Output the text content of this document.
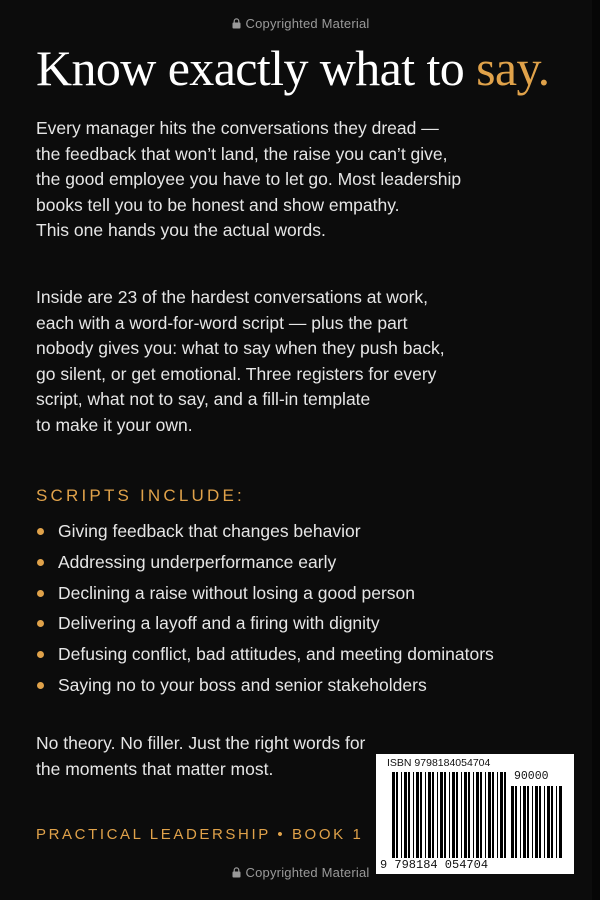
Copyrighted Material
Know exactly what to say.
Every manager hits the conversations they dread —
the feedback that won’t land, the raise you can’t give,
the good employee you have to let go. Most leadership
books tell you to be honest and show empathy.
This one hands you the actual words.
Inside are 23 of the hardest conversations at work,
each with a word-for-word script — plus the part
nobody gives you: what to say when they push back,
go silent, or get emotional. Three registers for every
script, what not to say, and a fill-in template
to make it your own.
SCRIPTS INCLUDE:
Giving feedback that changes behavior
Addressing underperformance early
Declining a raise without losing a good person
Delivering a layoff and a firing with dignity
Defusing conflict, bad attitudes, and meeting dominators
Saying no to your boss and senior stakeholders
No theory. No filler. Just the right words for
the moments that matter most.
PRACTICAL LEADERSHIP • BOOK 1
ISBN 9798184054704
90000
9 798184 054704
Copyrighted Material
